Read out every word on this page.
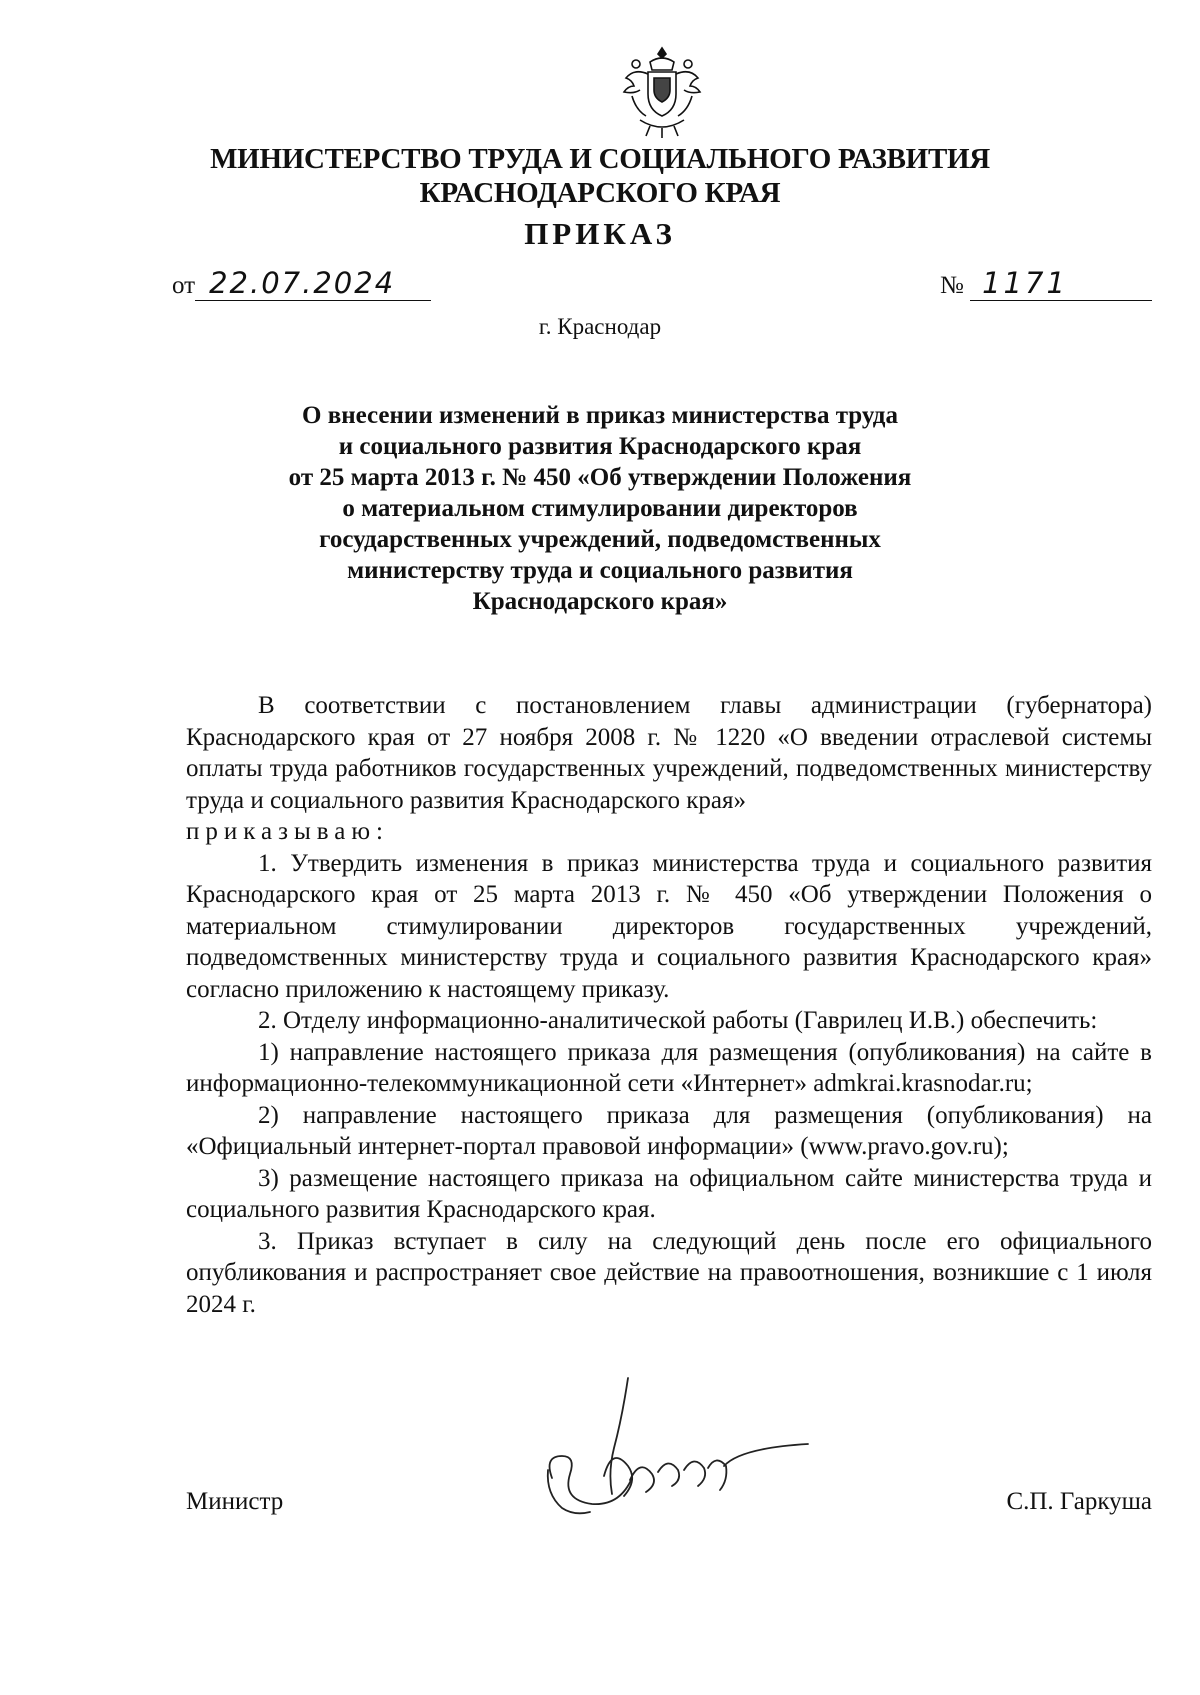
МИНИСТЕРСТВО ТРУДА И СОЦИАЛЬНОГО РАЗВИТИЯ
КРАСНОДАРСКОГО КРАЯ
ПРИКАЗ
от 22.07.2024	№ 1171
г. Краснодар
О внесении изменений в приказ министерства труда
и социального развития Краснодарского края
от 25 марта 2013 г. № 450 «Об утверждении Положения
о материальном стимулировании директоров
государственных учреждений, подведомственных
министерству труда и социального развития
Краснодарского края»

В соответствии с постановлением главы администрации (губернатора) Краснодарского края от 27 ноября 2008 г. № 1220 «О введении отраслевой системы оплаты труда работников государственных учреждений, подведомственных министерству труда и социального развития Краснодарского края»

приказываю:

1. Утвердить изменения в приказ министерства труда и социального развития Краснодарского края от 25 марта 2013 г. № 450 «Об утверждении Положения о материальном стимулировании директоров государственных учреждений, подведомственных министерству труда и социального развития Краснодарского края» согласно приложению к настоящему приказу.

2. Отделу информационно-аналитической работы (Гаврилец И.В.) обеспечить:

1) направление настоящего приказа для размещения (опубликования) на сайте в информационно-телекоммуникационной сети «Интернет» admkrai.krasnodar.ru;

2) направление настоящего приказа для размещения (опубликования) на «Официальный интернет-портал правовой информации» (www.pravo.gov.ru);

3) размещение настоящего приказа на официальном сайте министерства труда и социального развития Краснодарского края.

3. Приказ вступает в силу на следующий день после его официального опубликования и распространяет свое действие на правоотношения, возникшие с 1 июля 2024 г.

Министр	С.П. Гаркуша
